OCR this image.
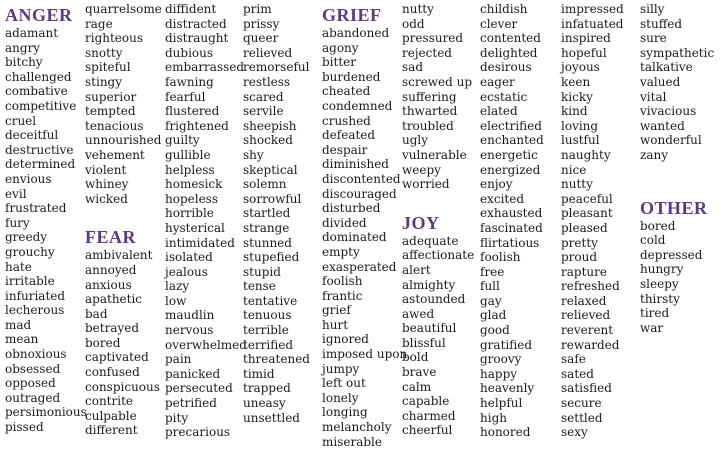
ANGER
adamant
angry
bitchy
challenged
combative
competitive
cruel
deceitful
destructive
determined
envious
evil
frustrated
fury
greedy
grouchy
hate
irritable
infuriated
lecherous
mad
mean
obnoxious
obsessed
opposed
outraged
persimonious
pissed
quarrelsome
rage
righteous
snotty
spiteful
stingy
superior
tempted
tenacious
unnourished
vehement
violent
whiney
wicked
FEAR
ambivalent
annoyed
anxious
apathetic
bad
betrayed
bored
captivated
confused
conspicuous
contrite
culpable
different
diffident
distracted
distraught
dubious
embarrassed
fawning
fearful
flustered
frightened
guilty
gullible
helpless
homesick
hopeless
horrible
hysterical
intimidated
isolated
jealous
lazy
low
maudlin
nervous
overwhelmed
pain
panicked
persecuted
petrified
pity
precarious
prim
prissy
queer
relieved
remorseful
restless
scared
servile
sheepish
shocked
shy
skeptical
solemn
sorrowful
startled
strange
stunned
stupefied
stupid
tense
tentative
tenuous
terrible
terrified
threatened
timid
trapped
uneasy
unsettled
GRIEF
abandoned
agony
bitter
burdened
cheated
condemned
crushed
defeated
despair
diminished
discontented
discouraged
disturbed
divided
dominated
empty
exasperated
foolish
frantic
grief
hurt
ignored
imposed upon
jumpy
left out
lonely
longing
melancholy
miserable
nutty
odd
pressured
rejected
sad
screwed up
suffering
thwarted
troubled
ugly
vulnerable
weepy
worried
JOY
adequate
affectionate
alert
almighty
astounded
awed
beautiful
blissful
bold
brave
calm
capable
charmed
cheerful
childish
clever
contented
delighted
desirous
eager
ecstatic
elated
electrified
enchanted
energetic
energized
enjoy
excited
exhausted
fascinated
flirtatious
foolish
free
full
gay
glad
good
gratified
groovy
happy
heavenly
helpful
high
honored
impressed
infatuated
inspired
hopeful
joyous
keen
kicky
kind
loving
lustful
naughty
nice
nutty
peaceful
pleasant
pleased
pretty
proud
rapture
refreshed
relaxed
relieved
reverent
rewarded
safe
sated
satisfied
secure
settled
sexy
silly
stuffed
sure
sympathetic
talkative
valued
vital
vivacious
wanted
wonderful
zany
OTHER
bored
cold
depressed
hungry
sleepy
thirsty
tired
war
